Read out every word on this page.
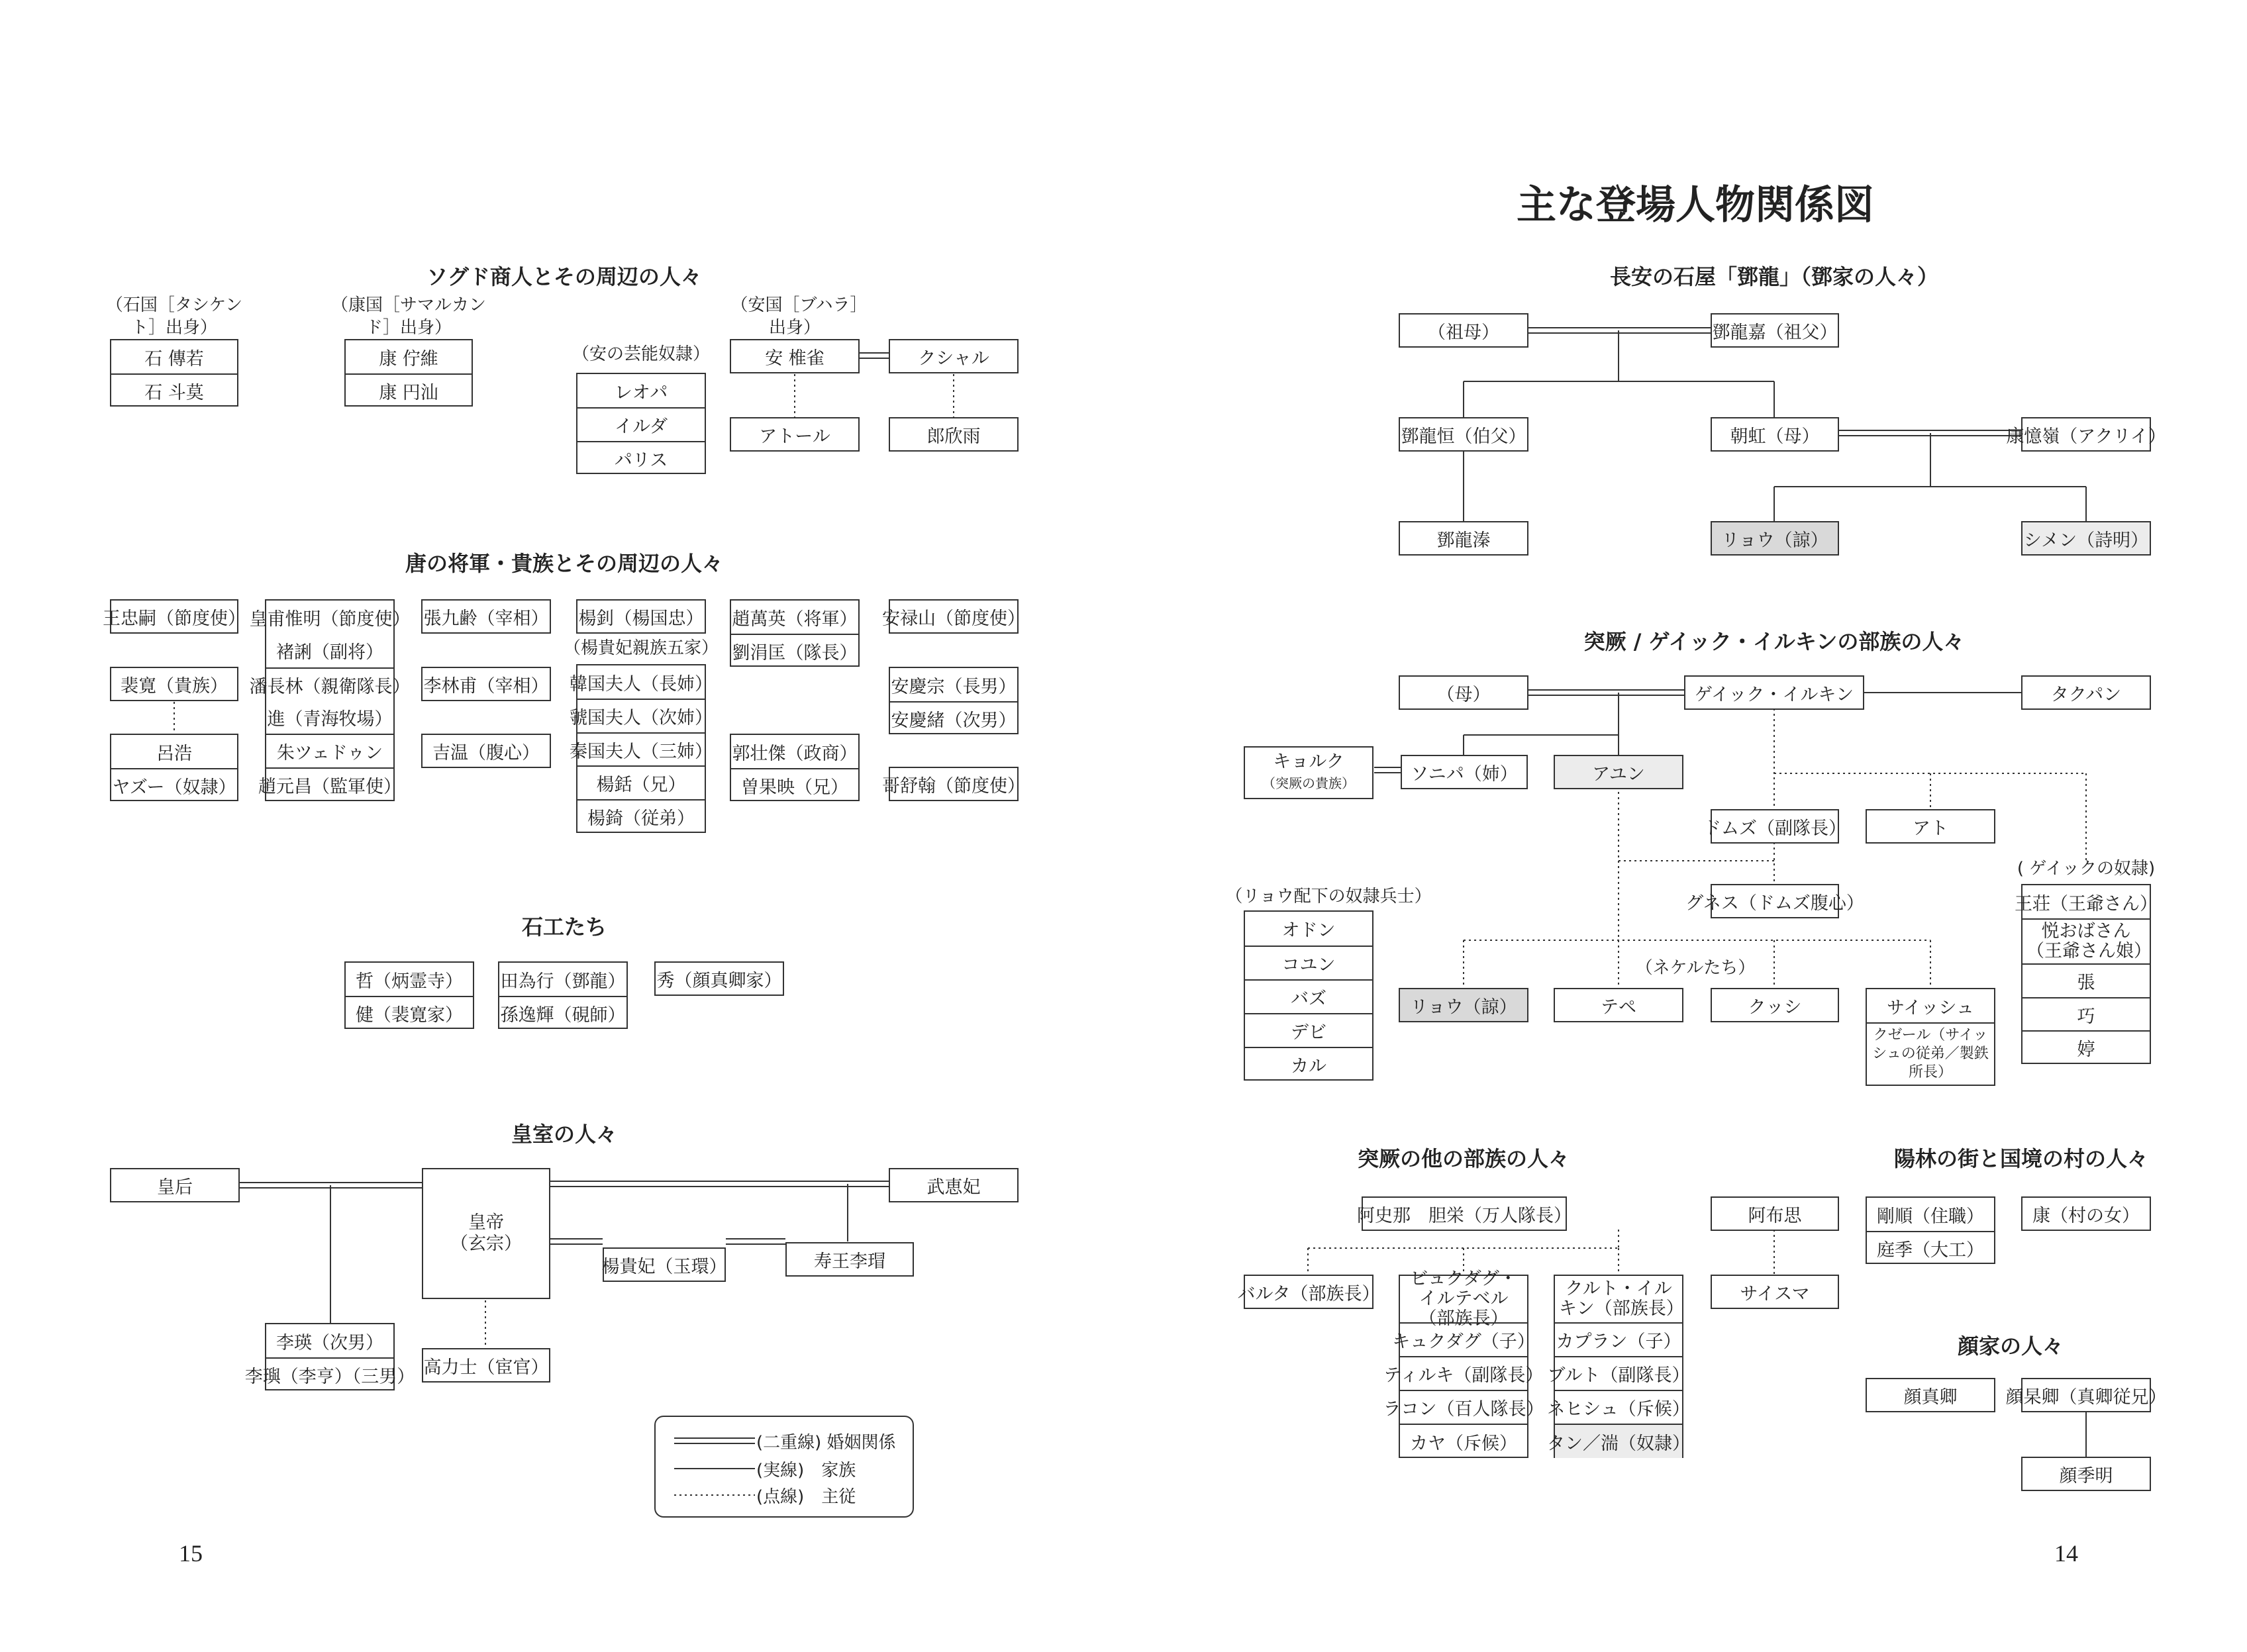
ソグド商人とその周辺の人々
（石国［タシケント］出身）
（康国［サマルカンド］出身）
（安国［ブハラ］出身）
（安の芸能奴隷）
石 傳若
石 斗莫
康 佇維
康 円汕	レオパ
イルダ
パリス
安 椎雀	クシャル
アトール	郎欣雨
唐の将軍・貴族とその周辺の人々
王忠嗣（節度使） 皇甫惟明（節度使）
褚誗（副将）
潘長林（親衛隊長）
進（青海牧場）
朱ツェドゥン
趙元昌（監軍使）
張九齢（宰相）
李林甫（宰相）
吉温（腹心）
楊釗（楊国忠）
（楊貴妃親族五家）
韓国夫人（長姉）
虢国夫人（次姉）
秦国夫人（三姉）
楊銛（兄）
楊錡（従弟）
趙萬英（将軍）
劉涓匡（隊長）
郭壮傑（政商）
曽果映（兄）
安禄山（節度使）
安慶宗（長男）
安慶緒（次男）
哥舒翰（節度使）
裴寛（貴族）
呂浩
ヤズー（奴隷）
石工たち
哲（炳霊寺）
健（裴寛家）
田為行（鄧龍）
孫逸輝（硯師）
秀（顔真卿家）
皇室の人々
皇后
皇帝
（玄宗）
武恵妃
楊貴妃（玉環）	寿王李瑁
李瑛（次男）
李璵（李亨）（三男） 高力士（宦官）
(二重線) 婚姻関係
(実線)　家族
(点線)　主従
15
主な登場人物関係図
長安の石屋「鄧龍」（鄧家の人々）
（祖母）	鄧龍嘉（祖父）
鄧龍恒（伯父）	朝虹（母）	康憶嶺（アクリイ）
鄧龍溱	リョウ（諒）	シメン（詩明）
突厥 / ゲイック・イルキンの部族の人々
（母）	ゲイック・イルキン	タクパン
キョルク
（突厥の貴族）	ソニパ（姉）	アユン
ドムズ（副隊長）	アト
グネス（ドムズ腹心）
（リョウ配下の奴隷兵士）
オドン
コユン
バズ
デビ
カル
（ネケルたち）
リョウ（諒）	テペ	クッシ	サイッシュ
クゼール（サイッシュの従弟／製鉄所長）
( ゲイックの奴隷)
王荘（王爺さん）
悦おばさん（王爺さん娘）
張
巧
婷
突厥の他の部族の人々
阿史那　胆栄（万人隊長）
バルタ（部族長）
ビュクダグ・イルテベル（部族長）
キュクダグ（子）
ティルキ（副隊長）
ラコン（百人隊長）
カヤ（斥候）
クルト・イルキン（部族長）
カプラン（子）
ブルト（副隊長）
ネヒシュ（斥候）
タン／湍（奴隷）
阿布思
サイスマ
陽林の街と国境の村の人々
剛順（住職）
庭季（大工）
康（村の女）
顔家の人々
顔真卿	顔杲卿（真卿従兄）
顔季明
14
